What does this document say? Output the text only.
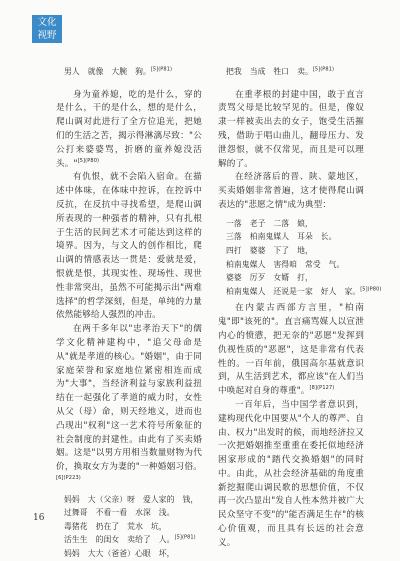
文化
视野
男人　就像　大腕　狗。$^{[5](P81)}$

身为童养媳，吃的是什么，穿的是什么，干的是什么，想的是什么，爬山调对此进行了全方位追光，把她们的生活之苦，揭示得淋漓尽致："公公打来婆婆骂，折磨的童养媳没活头。"$^{[5](P80)}$

有仇恨，就不会陷入宿命。在描述中体味，在体味中控诉，在控诉中反抗，在反抗中寻找希望，是爬山调所表现的一种强者的精神，只有扎根于生活的民间艺术才可能达到这样的境界。因为，与文人的创作相比，爬山调的情感表达一贯是：爱就是爱，恨就是恨，其现实性、现场性、现世性非常突出，虽然不可能揭示出"两难选择"的哲学深刻，但是，单纯的力量依然能够给人强烈的冲击。

在两千多年以"忠孝治天下"的儒学文化精神建构中，"追父母命是从"就是孝道的核心。"婚姻"，由于同家庭荣誉和家庭地位紧密相连而成为"大事"，当经济利益与家族利益扭结在一起强化了孝道的威力时，女性从父（母）命，则天经地义，进而也凸现出"权利"这一艺术符号所象征的社会制度的封建性。由此有了买卖婚姻。这是"以男方用相当数量财物为代价，换取女方为妻的"一种婚姻习俗。$^{[6](P223)}$

妈妈　大（父亲）呀　爱人家的　钱，
过舞哥　不看一看　水深　浅。
毒猪花　扔在了　荒水　坑，
活生生　的闺女　卖给了　人。$^{[5](P81)}$
妈妈　大大（爸爸）心眼　坏，
把我　当成　牲口　卖。$^{[5](P81)}$

在重孝根的封建中国，敢于直言责骂父母是比较罕见的。但是，像奴隶一样被卖出去的女子，饱受生活摧残，借助于唱山曲儿，翻母压力、发泄怨恨，就不仅常见，而且是可以理解的了。

在经济落后的晋、陕、蒙地区，买卖婚姻非常普遍，这才使得爬山调表达的"悲愿之情"成为典型：

一落　老子　二落　娘，
三落　柏南鬼媒人　耳朵　长。
四打　婆婆　下了　地，
柏南鬼媒人　害得咱　常受　气。
婆婆　厉歹　女婿　打，
柏南鬼媒人　还说是一家　好人　家。$^{[5](P80)}$

在内蒙古西部方言里，"柏南鬼"即"该死的"。直言痛骂媒人以宣泄内心的愤懑，把无奈的"恶愿"发挥到仇视性质的"恶愿"，这是非常有代表性的。一百年前，俄国高尔基就意识到，从生活到艺术，都应该"在人们当中唤起对自身的尊重"。$^{[8](P127)}$

一百年后，当中国学者意识到，建构现代化中国要从"个人的尊严、自由、权力"出发时的候，而地经济拉又一次把婚姻推至重重在委托似地经济困家形成的"踏代交换婚姻"的同时中。由此，从社会经济基础的角度重新挖掘爬山调民歌的思想价值，不仅再一次凸显出"发自人性本然并被广大民众坚守不变"的"能否满足生存"的核心价值观，而且具有长远的社会意义。

16
